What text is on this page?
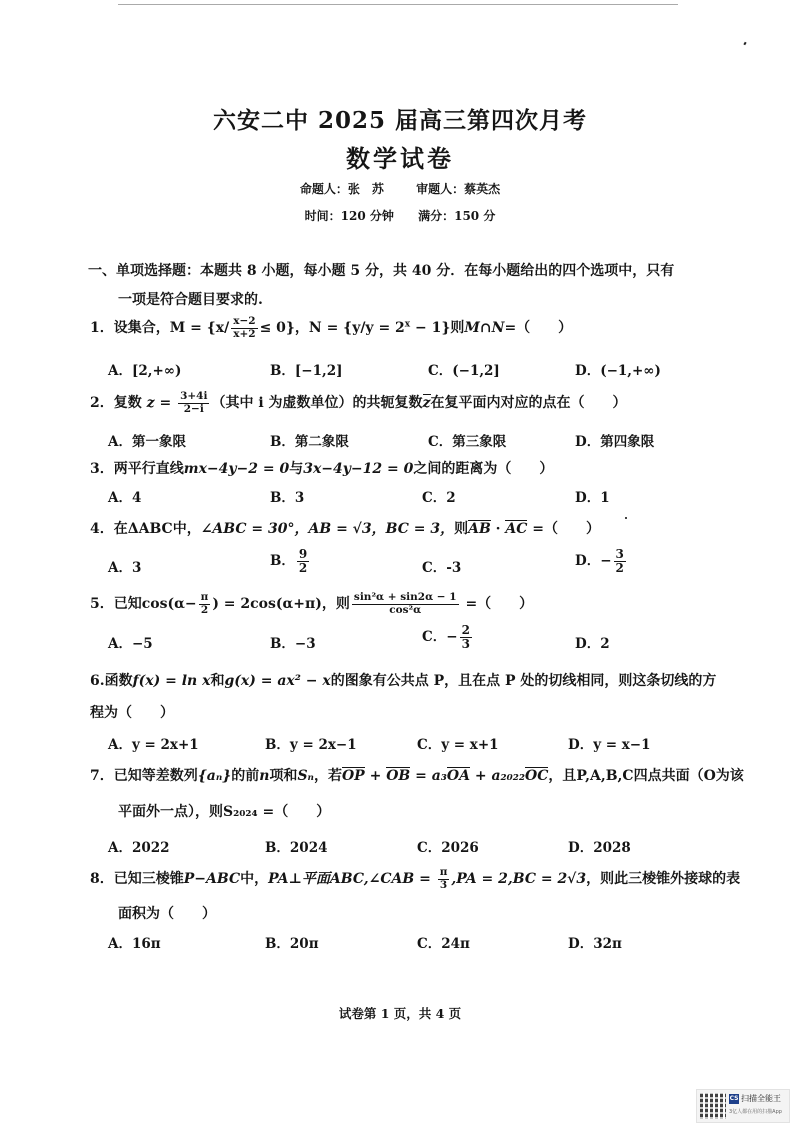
六安二中 2025 届高三第四次月考
数学试卷
命题人：张　苏	审题人：蔡英杰
时间：120 分钟 满分：150 分
一、单项选择题：本题共 8 小题，每小题 5 分，共 40 分．在每小题给出的四个选项中，只有
一项是符合题目要求的.
1．设集合，$M = \{x/ \frac{x-2}{x+2} \le 0\}$，$N = \{y/y = 2^x - 1\}$则M∩N=（　　）
A．[2,+∞)	B．[−1,2]	C．(−1,2]	D．(−1,+∞)
2．复数 $z = \frac{3+4i}{2-i}$ （其中 i 为虚数单位）的共轭复数z在复平面内对应的点在（　　）
A．第一象限	B．第二象限	C．第三象限	D．第四象限
3．两平行直线mx−4y−2 = 0与3x−4y−12 = 0之间的距离为（　　）
A．4	B．3	C．2	D．1
4．在ΔABC中，∠ABC = 30°，AB = √3，BC = 3，则AB · AC =（　　）
A．3	B． $\frac{9}{2}$	C．-3	D．− $\frac{3}{2}$
5．已知$\cos(\alpha- \frac{\pi}{2}$ ) = 2cos(α+π)，则 $\frac{\text{sin²α + sin2α − 1}}{\text{cos²α}}$ =（　　）
A．−5	B．−3	C．− $\frac{2}{3}$	D．2
6.函数f(x) = ln x和g(x) = ax² − x的图象有公共点 P，且在点 P 处的切线相同，则这条切线的方
程为（　　）
A．y = 2x+1	B．y = 2x−1	C．y = x+1	D．y = x−1
7．已知等差数列{aₙ}的前n项和Sₙ，若OP + OB = a₃OA + a₂₀₂₂OC，且P,A,B,C四点共面（O为该
平面外一点），则S₂₀₂₄ =（　　）
A．2022	B．2024	C．2026	D．2028
8．已知三棱锥P−ABC中，PA⊥平面ABC,∠CAB = $\frac{\pi}{3} ,PA = 2,BC = 2√3$，则此三棱锥外接球的表
面积为（　　）
A．16π	B．20π	C．24π	D．32π
试卷第 1 页，共 4 页
CS 扫描全能王
3亿人都在用的扫描App
